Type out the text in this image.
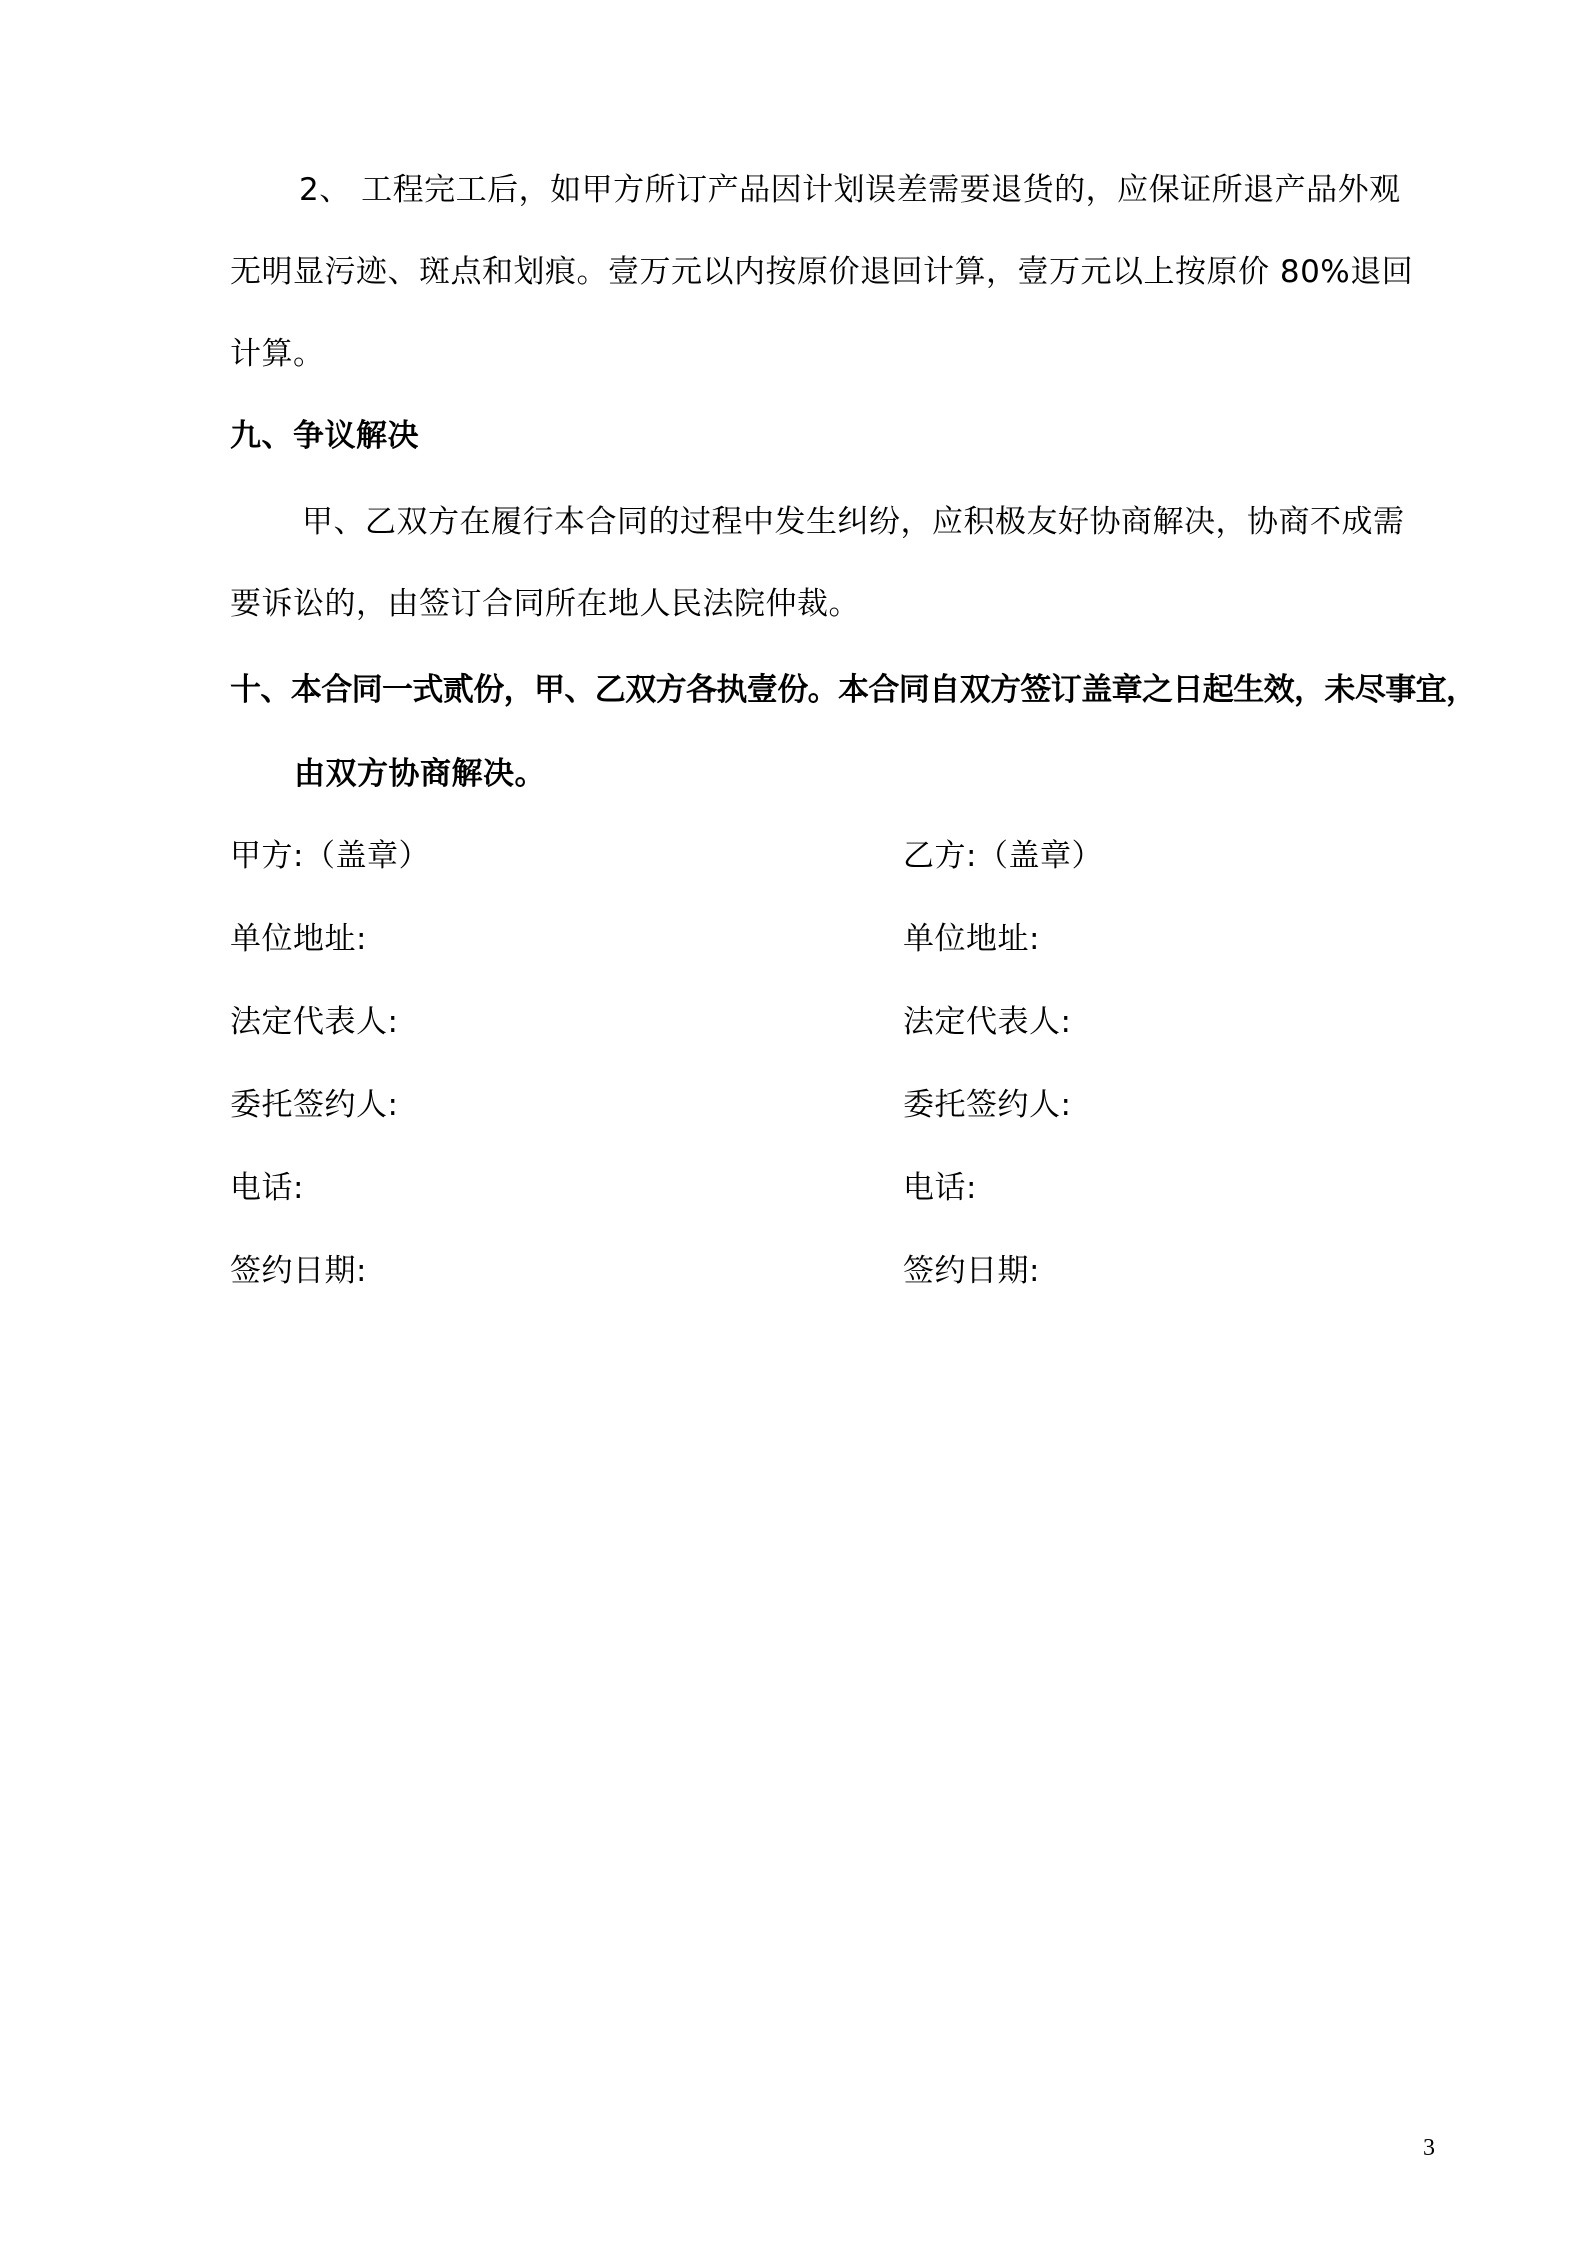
2、 工程完工后，如甲方所订产品因计划误差需要退货的，应保证所退产品外观
无明显污迹、斑点和划痕。壹万元以内按原价退回计算，壹万元以上按原价 80%退回
计算。
九、争议解决
甲、乙双方在履行本合同的过程中发生纠纷，应积极友好协商解决，协商不成需
要诉讼的，由签订合同所在地人民法院仲裁。
十、本合同一式贰份，甲、乙双方各执壹份。本合同自双方签订盖章之日起生效，未尽事宜，
由双方协商解决。
甲方:（盖章）
单位地址:
法定代表人:
委托签约人:
电话:
签约日期:
乙方:（盖章）
单位地址:
法定代表人:
委托签约人:
电话:
签约日期:
3
